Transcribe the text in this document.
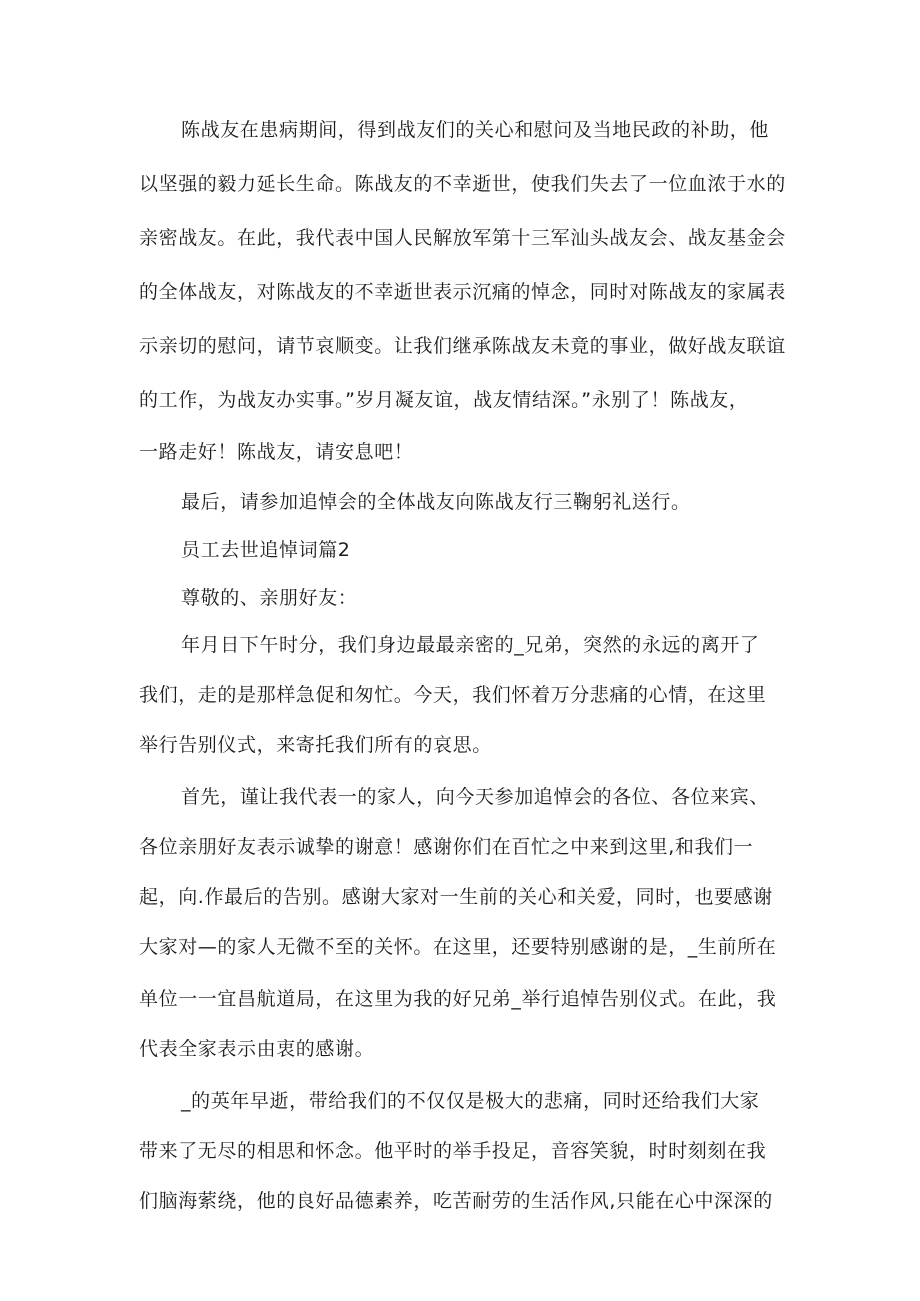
陈战友在患病期间，得到战友们的关心和慰问及当地民政的补助，他
以坚强的毅力延长生命。陈战友的不幸逝世，使我们失去了一位血浓于水的
亲密战友。在此，我代表中国人民解放军第十三军汕头战友会、战友基金会
的全体战友，对陈战友的不幸逝世表示沉痛的悼念，同时对陈战友的家属表
示亲切的慰问，请节哀顺变。让我们继承陈战友未竟的事业，做好战友联谊
的工作，为战友办实事。”岁月凝友谊，战友情结深。”永别了！陈战友，
一路走好！陈战友，请安息吧！
最后，请参加追悼会的全体战友向陈战友行三鞠躬礼送行。
员工去世追悼词篇2
尊敬的、亲朋好友：
年月日下午时分，我们身边最最亲密的_兄弟，突然的永远的离开了
我们，走的是那样急促和匆忙。今天，我们怀着万分悲痛的心情，在这里
举行告别仪式，来寄托我们所有的哀思。
首先，谨让我代表一的家人，向今天参加追悼会的各位、各位来宾、
各位亲朋好友表示诚挚的谢意！感谢你们在百忙之中来到这里,和我们一
起，向.作最后的告别。感谢大家对一生前的关心和关爱，同时，也要感谢
大家对—的家人无微不至的关怀。在这里，还要特别感谢的是，_生前所在
单位一一宜昌航道局，在这里为我的好兄弟_举行追悼告别仪式。在此，我
代表全家表示由衷的感谢。
_的英年早逝，带给我们的不仅仅是极大的悲痛，同时还给我们大家
带来了无尽的相思和怀念。他平时的举手投足，音容笑貌，时时刻刻在我
们脑海萦绕，他的良好品德素养，吃苦耐劳的生活作风,只能在心中深深的
